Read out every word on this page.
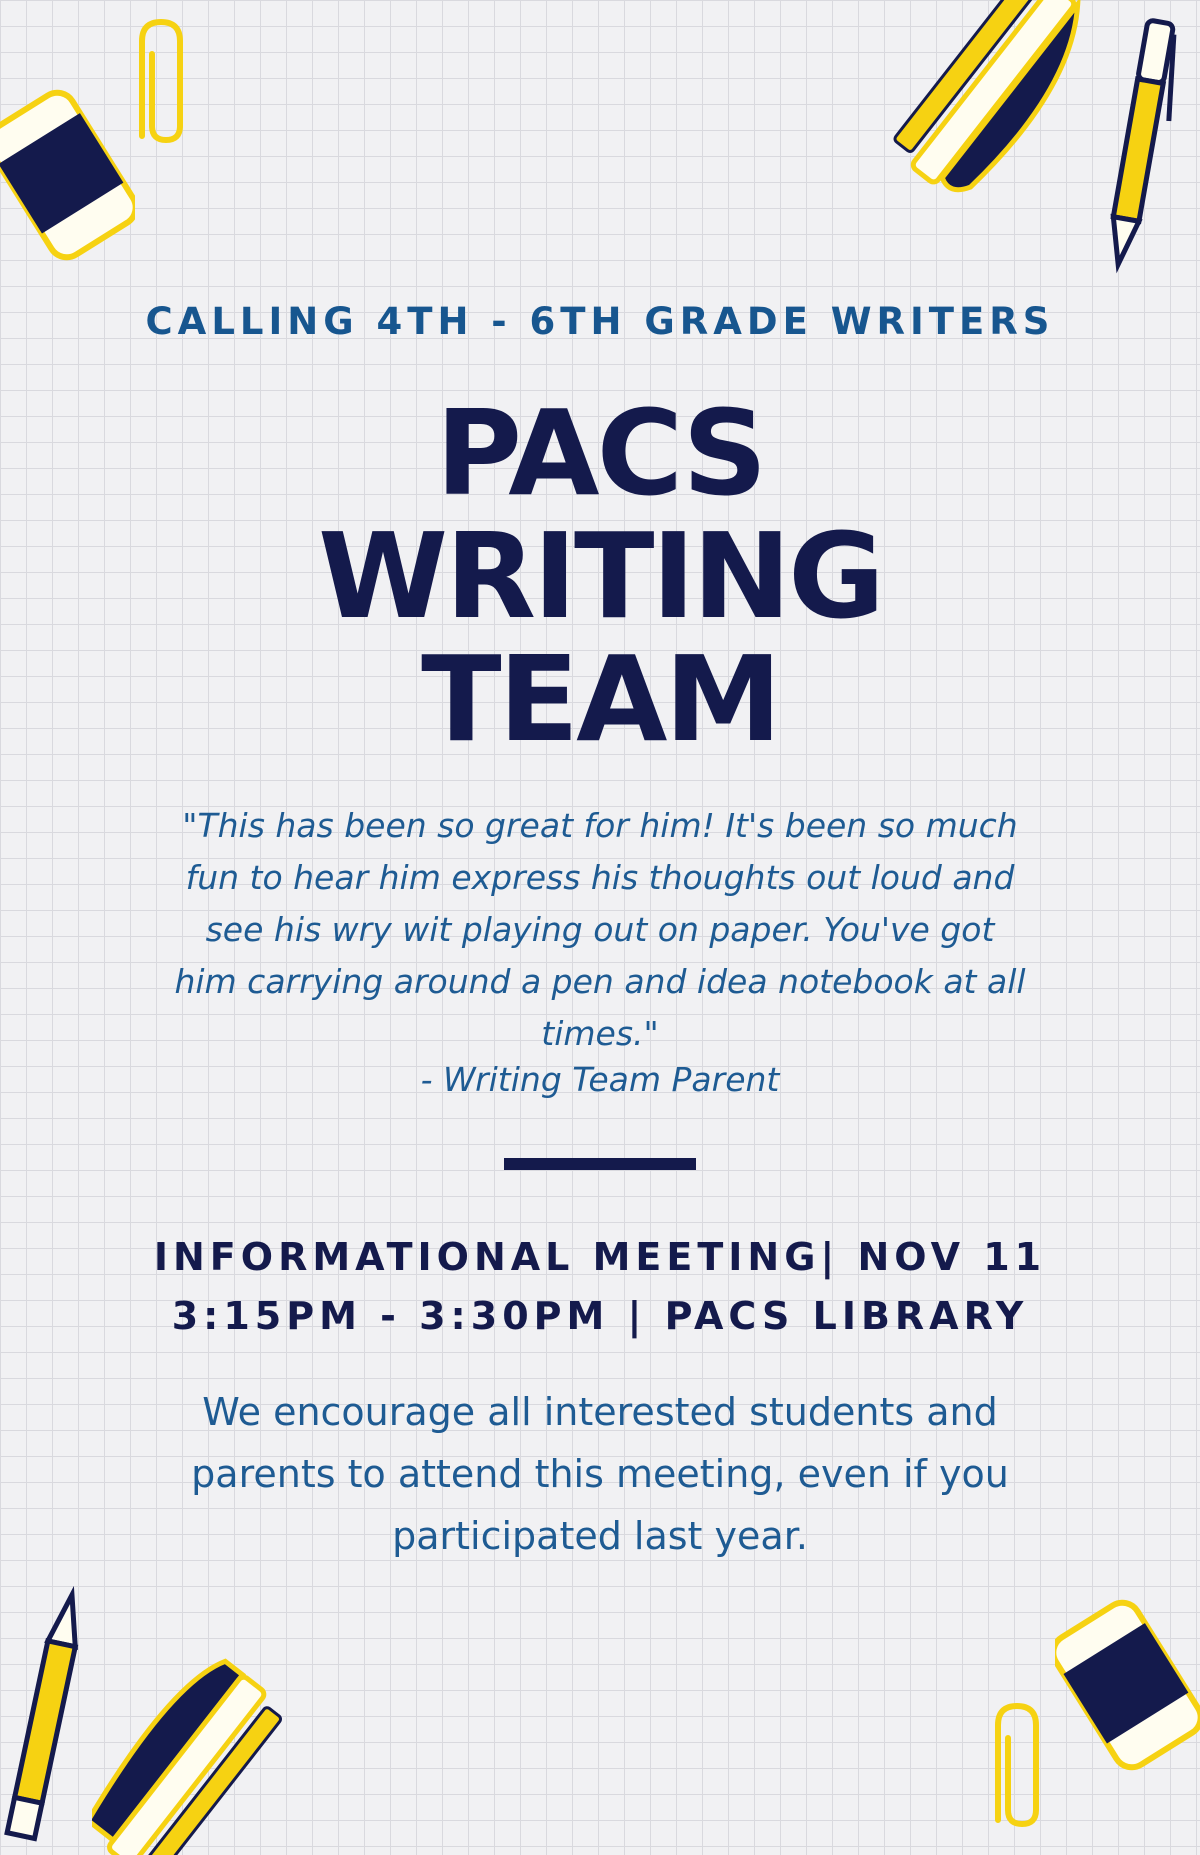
CALLING 4TH - 6TH GRADE WRITERS
PACS
WRITING
TEAM
"This has been so great for him! It's been so much fun to hear him express his thoughts out loud and see his wry wit playing out on paper. You've got him carrying around a pen and idea notebook at all times."
- Writing Team Parent
INFORMATIONAL MEETING| NOV 11
3:15PM - 3:30PM | PACS LIBRARY
We encourage all interested students and parents to attend this meeting, even if you participated last year.
